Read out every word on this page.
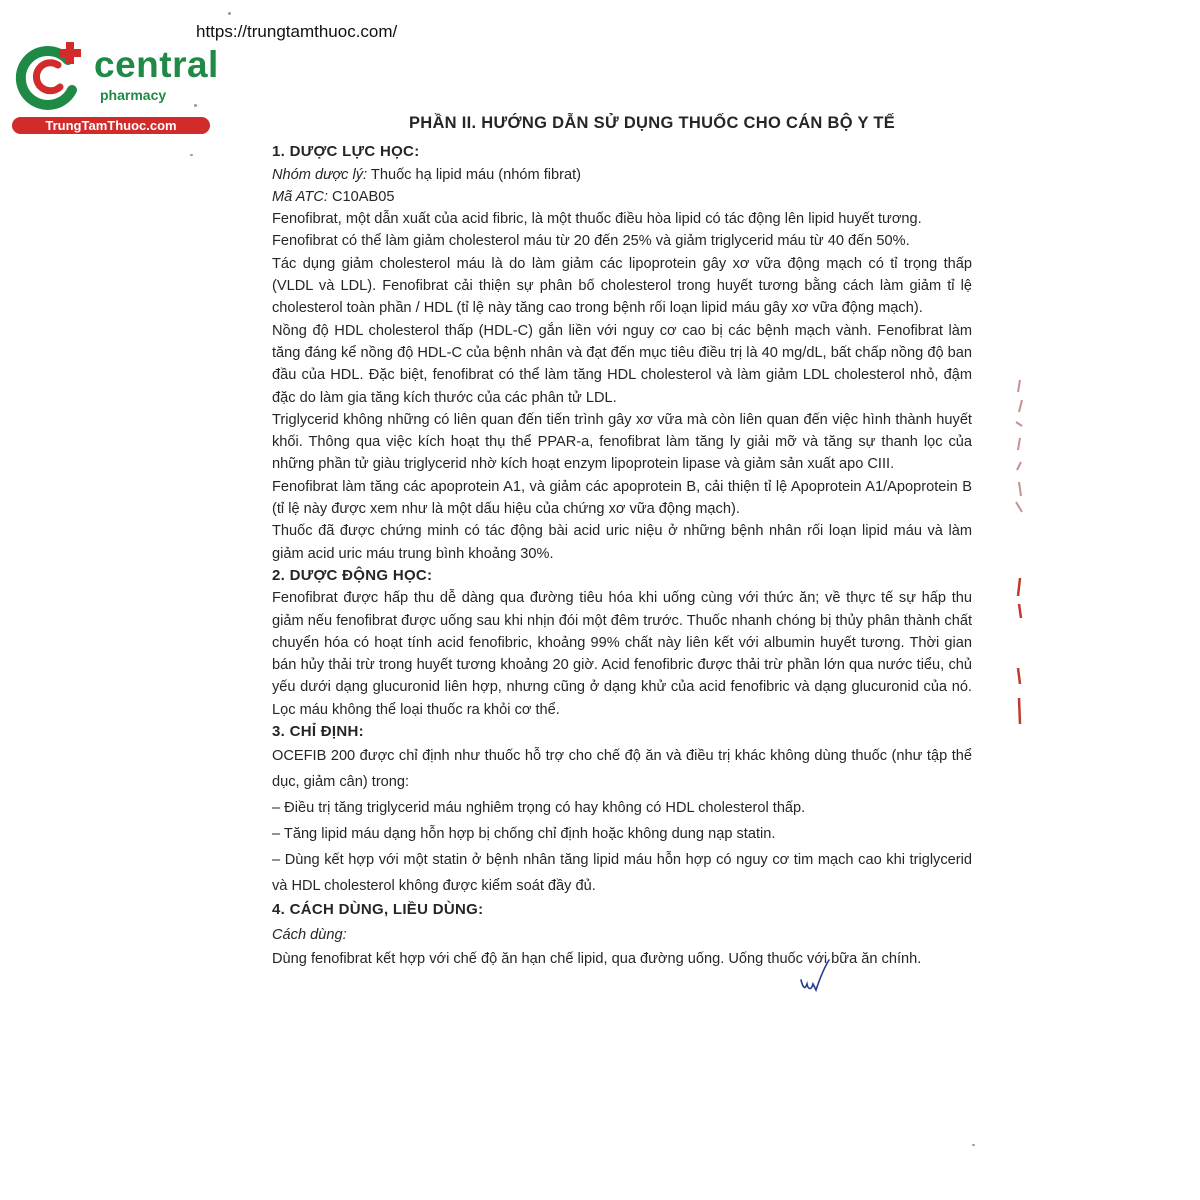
https://trungtamthuoc.com/
central
pharmacy
TrungTamThuoc.com	PHẦN II. HƯỚNG DẪN SỬ DỤNG THUỐC CHO CÁN BỘ Y TẾ
1. DƯỢC LỰC HỌC:

Nhóm dược lý: Thuốc hạ lipid máu (nhóm fibrat)

Mã ATC: C10AB05

Fenofibrat, một dẫn xuất của acid fibric, là một thuốc điều hòa lipid có tác động lên lipid huyết tương.

Fenofibrat có thể làm giảm cholesterol máu từ 20 đến 25% và giảm triglycerid máu từ 40 đến 50%.

Tác dụng giảm cholesterol máu là do làm giảm các lipoprotein gây xơ vữa động mạch có tỉ trọng thấp (VLDL và LDL). Fenofibrat cải thiện sự phân bố cholesterol trong huyết tương bằng cách làm giảm tỉ lệ cholesterol toàn phần / HDL (tỉ lệ này tăng cao trong bệnh rối loạn lipid máu gây xơ vữa động mạch).

Nồng độ HDL cholesterol thấp (HDL-C) gắn liền với nguy cơ cao bị các bệnh mạch vành. Fenofibrat làm tăng đáng kể nồng độ HDL-C của bệnh nhân và đạt đến mục tiêu điều trị là 40 mg/dL, bất chấp nồng độ ban đầu của HDL. Đặc biệt, fenofibrat có thể làm tăng HDL cholesterol và làm giảm LDL cholesterol nhỏ, đậm đặc do làm gia tăng kích thước của các phân tử LDL.

Triglycerid không những có liên quan đến tiến trình gây xơ vữa mà còn liên quan đến việc hình thành huyết khối. Thông qua việc kích hoạt thụ thể PPAR-a, fenofibrat làm tăng ly giải mỡ và tăng sự thanh lọc của những phần tử giàu triglycerid nhờ kích hoạt enzym lipoprotein lipase và giảm sản xuất apo CIII.

Fenofibrat làm tăng các apoprotein A1, và giảm các apoprotein B, cải thiện tỉ lệ Apoprotein A1/Apoprotein B (tỉ lệ này được xem như là một dấu hiệu của chứng xơ vữa động mạch).

Thuốc đã được chứng minh có tác động bài acid uric niệu ở những bệnh nhân rối loạn lipid máu và làm giảm acid uric máu trung bình khoảng 30%.

2. DƯỢC ĐỘNG HỌC:

Fenofibrat được hấp thu dễ dàng qua đường tiêu hóa khi uống cùng với thức ăn; về thực tế sự hấp thu giảm nếu fenofibrat được uống sau khi nhịn đói một đêm trước. Thuốc nhanh chóng bị thủy phân thành chất chuyển hóa có hoạt tính acid fenofibric, khoảng 99% chất này liên kết với albumin huyết tương. Thời gian bán hủy thải trừ trong huyết tương khoảng 20 giờ. Acid fenofibric được thải trừ phần lớn qua nước tiểu, chủ yếu dưới dạng glucuronid liên hợp, nhưng cũng ở dạng khử của acid fenofibric và dạng glucuronid của nó. Lọc máu không thể loại thuốc ra khỏi cơ thể.

3. CHỈ ĐỊNH:

OCEFIB 200 được chỉ định như thuốc hỗ trợ cho chế độ ăn và điều trị khác không dùng thuốc (như tập thể dục, giảm cân) trong:

– Điều trị tăng triglycerid máu nghiêm trọng có hay không có HDL cholesterol thấp.

– Tăng lipid máu dạng hỗn hợp bị chống chỉ định hoặc không dung nạp statin.

– Dùng kết hợp với một statin ở bệnh nhân tăng lipid máu hỗn hợp có nguy cơ tim mạch cao khi triglycerid và HDL cholesterol không được kiểm soát đầy đủ.

4. CÁCH DÙNG, LIỀU DÙNG:

Cách dùng:

Dùng fenofibrat kết hợp với chế độ ăn hạn chế lipid, qua đường uống. Uống thuốc với bữa ăn chính.
